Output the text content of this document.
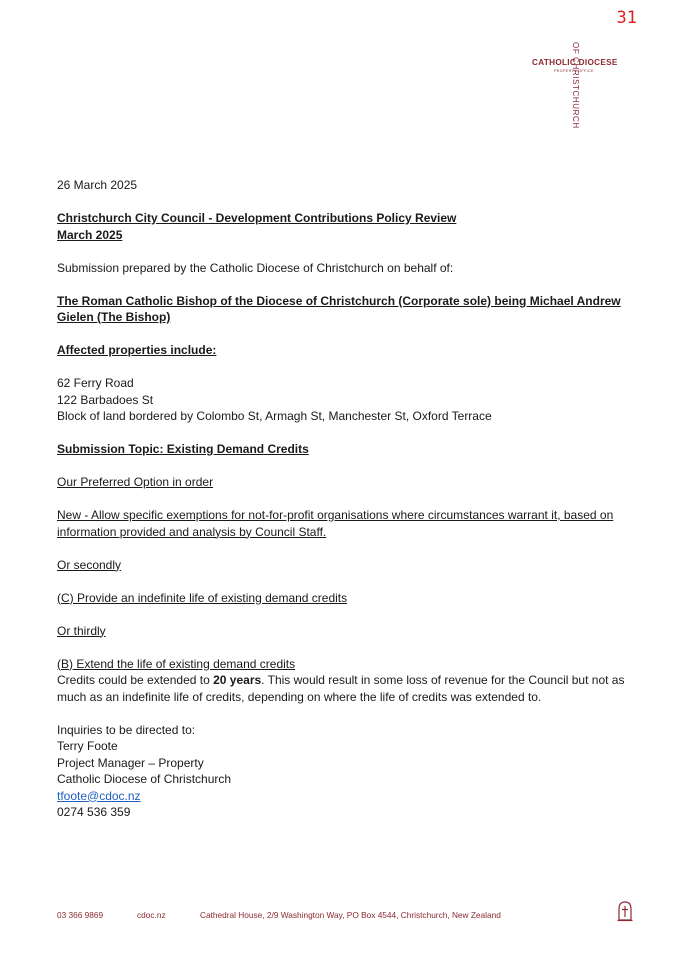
31
CATHOLIC DIOCESE
PROPERTY OFFICE
OF CHRISTCHURCH

26 March 2025

Christchurch City Council - Development Contributions Policy Review

March 2025

Submission prepared by the Catholic Diocese of Christchurch on behalf of:

The Roman Catholic Bishop of the Diocese of Christchurch (Corporate sole) being Michael Andrew Gielen (The Bishop)

Affected properties include:

62 Ferry Road

122 Barbadoes St

Block of land bordered by Colombo St, Armagh St, Manchester St, Oxford Terrace

Submission Topic: Existing Demand Credits

Our Preferred Option in order

New - Allow specific exemptions for not-for-profit organisations where circumstances warrant it, based on information provided and analysis by Council Staff.

Or secondly

(C) Provide an indefinite life of existing demand credits

Or thirdly

(B) Extend the life of existing demand credits

Credits could be extended to 20 years. This would result in some loss of revenue for the Council but not as much as an indefinite life of credits, depending on where the life of credits was extended to.

Inquiries to be directed to:

Terry Foote

Project Manager – Property

Catholic Diocese of Christchurch

tfoote@cdoc.nz

0274 536 359

03 366 9869	cdoc.nz	Cathedral House, 2/9 Washington Way, PO Box 4544, Christchurch, New Zealand
